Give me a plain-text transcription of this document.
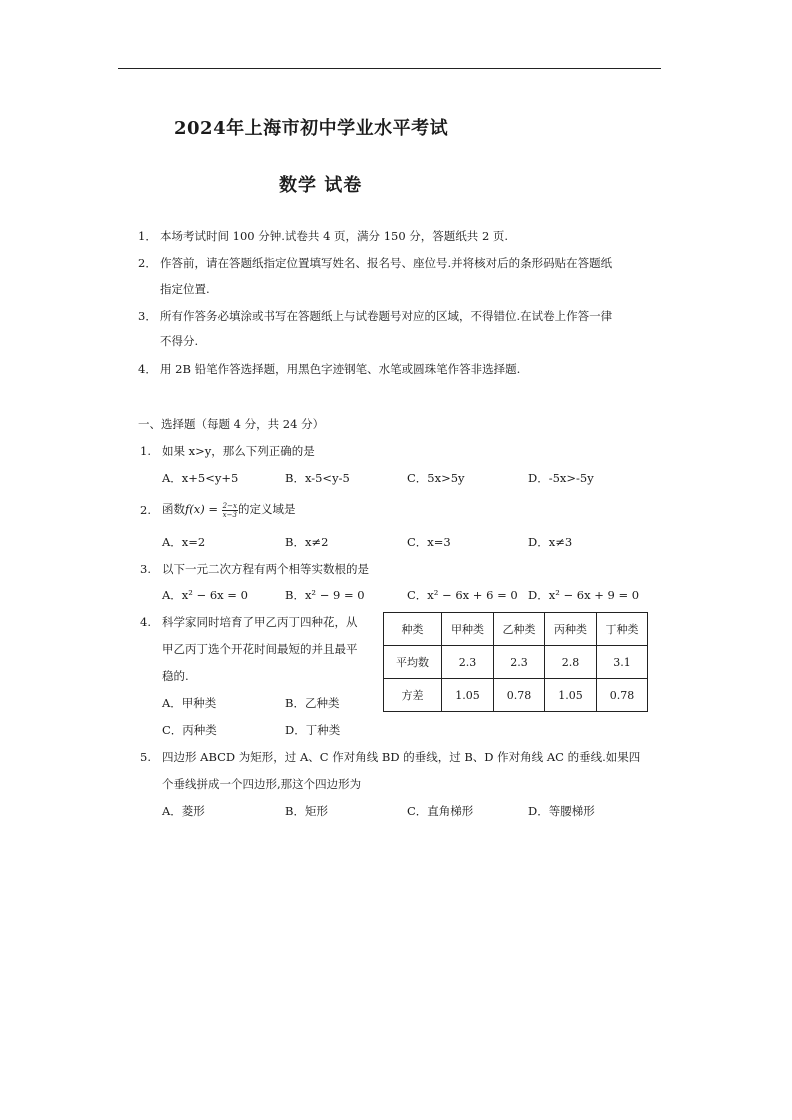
2024年上海市初中学业水平考试
数学 试卷
1． 本场考试时间 100 分钟.试卷共 4 页，满分 150 分，答题纸共 2 页.
2． 作答前，请在答题纸指定位置填写姓名、报名号、座位号.并将核对后的条形码贴在答题纸
指定位置.
3． 所有作答务必填涂或书写在答题纸上与试卷题号对应的区域，不得错位.在试卷上作答一律
不得分.
4． 用 2B 铅笔作答选择题，用黑色字迹钢笔、水笔或圆珠笔作答非选择题.
一、选择题（每题 4 分，共 24 分）
1. 如果 x>y，那么下列正确的是
A．x+5<y+5	B．x-5<y-5	C．5x>5y	D．-5x>-5y
2. 函数$f(x) = \frac{2-x}{x-3}$ 的定义域是
A．x=2	B．x≠2	C．x=3	D．x≠3
3. 以下一元二次方程有两个相等实数根的是
A．x² − 6x = 0	B．x² − 9 = 0	C．x² − 6x + 6 = 0 D．x² − 6x + 9 = 0
4. 科学家同时培育了甲乙丙丁四种花，从
甲乙丙丁选个开花时间最短的并且最平
稳的.
A．甲种类	B．乙种类
C．丙种类	D．丁种类
种类	甲种类	乙种类	丙种类	丁种类
平均数	2.3	2.3	2.8	3.1
方差	1.05	0.78	1.05	0.78
5. 四边形 ABCD 为矩形，过 A、C 作对角线 BD 的垂线，过 B、D 作对角线 AC 的垂线.如果四
个垂线拼成一个四边形,那这个四边形为
A．菱形	B．矩形	C．直角梯形	D．等腰梯形
